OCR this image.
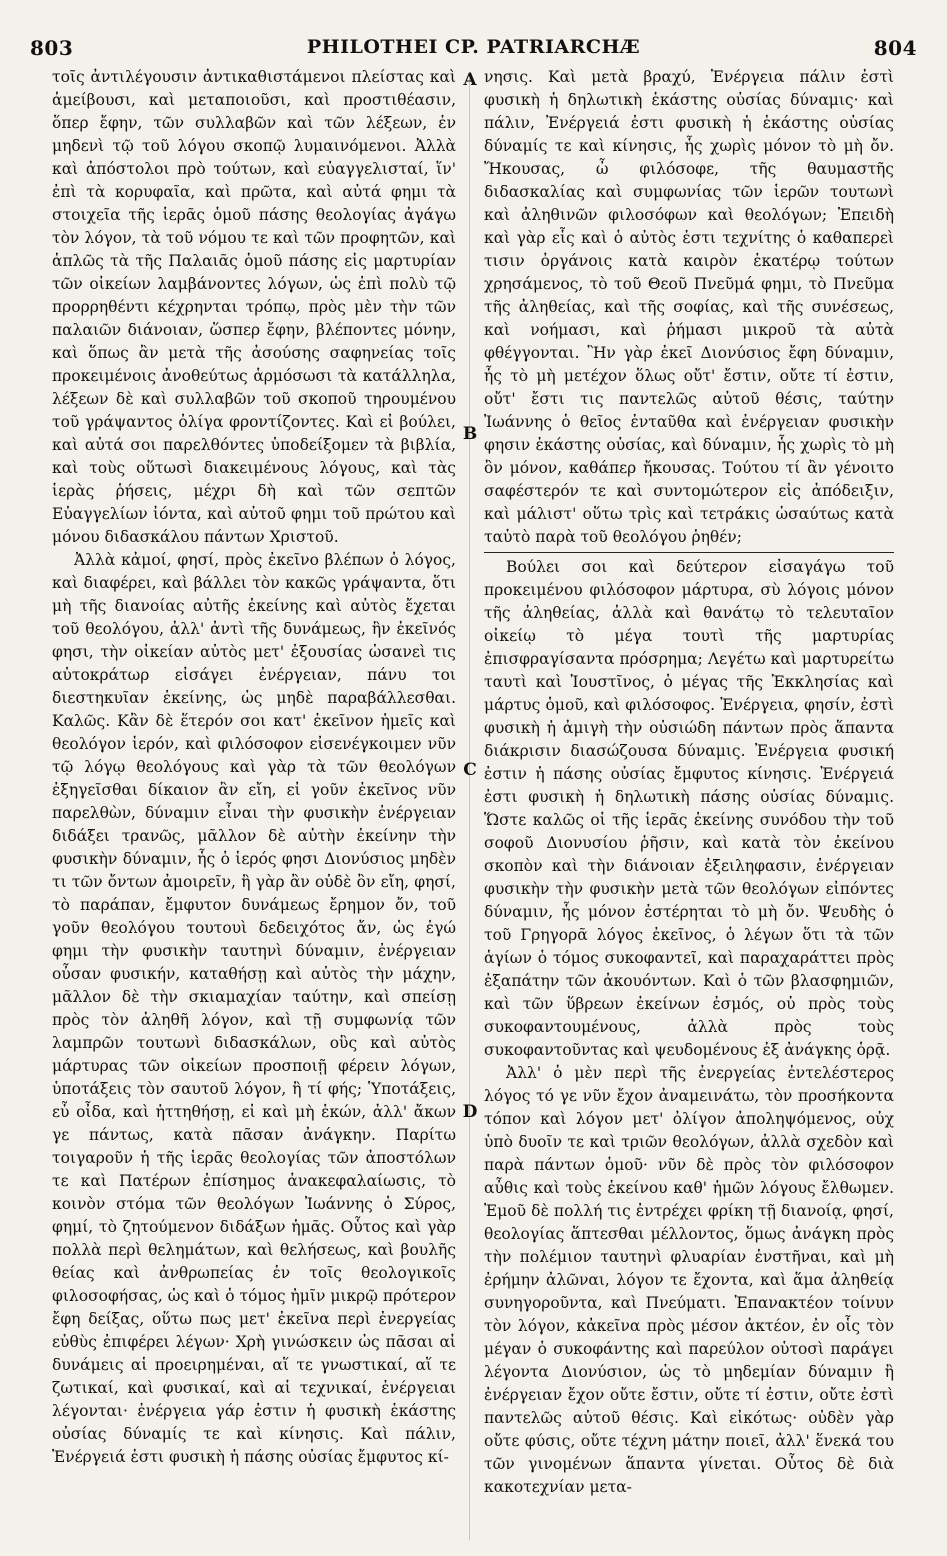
803	PHILOTHEI CP. PATRIARCHÆ	804

τοῖς ἀντιλέγουσιν ἀντικαθιστάμενοι πλείστας καὶ ἀμείβουσι, καὶ μεταποιοῦσι, καὶ προστιθέασιν, ὅπερ ἔφην, τῶν συλλαβῶν καὶ τῶν λέξεων, ἐν μηδενὶ τῷ τοῦ λόγου σκοπῷ λυμαινόμενοι. Ἀλλὰ καὶ ἀπόστολοι πρὸ τούτων, καὶ εὐαγγελισταί, ἵν' ἐπὶ τὰ κορυφαῖα, καὶ πρῶτα, καὶ αὐτά φημι τὰ στοιχεῖα τῆς ἱερᾶς ὁμοῦ πάσης θεολογίας ἀγάγω τὸν λόγον, τὰ τοῦ νόμου τε καὶ τῶν προφητῶν, καὶ ἁπλῶς τὰ τῆς Παλαιᾶς ὁμοῦ πάσης εἰς μαρτυρίαν τῶν οἰκείων λαμβάνοντες λόγων, ὡς ἐπὶ πολὺ τῷ προρρηθέντι κέχρηνται τρόπῳ, πρὸς μὲν τὴν τῶν παλαιῶν διάνοιαν, ὥσπερ ἔφην, βλέποντες μόνην, καὶ ὅπως ἂν μετὰ τῆς ἀσούσης σαφηνείας τοῖς προκειμένοις ἀνοθεύτως ἁρμόσωσι τὰ κατάλληλα, λέξεων δὲ καὶ συλλαβῶν τοῦ σκοποῦ τηρουμένου τοῦ γράψαντος ὀλίγα φροντίζοντες. Καὶ εἰ βούλει, καὶ αὐτά σοι παρελθόντες ὑποδείξομεν τὰ βιβλία, καὶ τοὺς οὕτωσὶ διακειμένους λόγους, καὶ τὰς ἱερὰς ῥήσεις, μέχρι δὴ καὶ τῶν σεπτῶν Εὐαγγελίων ἰόντα, καὶ αὐτοῦ φημι τοῦ πρώτου καὶ μόνου διδασκάλου πάντων Χριστοῦ.

Ἀλλὰ κἀμοί, φησί, πρὸς ἐκεῖνο βλέπων ὁ λόγος, καὶ διαφέρει, καὶ βάλλει τὸν κακῶς γράψαντα, ὅτι μὴ τῆς διανοίας αὐτῆς ἐκείνης καὶ αὐτὸς ἔχεται τοῦ θεολόγου, ἀλλ' ἀντὶ τῆς δυνάμεως, ἣν ἐκεῖνός φησι, τὴν οἰκείαν αὐτὸς μετ' ἐξουσίας ὡσανεὶ τις αὐτοκράτωρ εἰσάγει ἐνέργειαν, πάνυ τοι διεστηκυῖαν ἐκείνης, ὡς μηδὲ παραβάλλεσθαι. Καλῶς. Κἂν δὲ ἕτερόν σοι κατ' ἐκεῖνον ἡμεῖς καὶ θεολόγον ἱερόν, καὶ φιλόσοφον εἰσενέγκοιμεν νῦν τῷ λόγῳ θεολόγους καὶ γὰρ τὰ τῶν θεολόγων ἐξηγεῖσθαι δίκαιον ἂν εἴη, εἰ γοῦν ἐκεῖνος νῦν παρελθὼν, δύναμιν εἶναι τὴν φυσικὴν ἐνέργειαν διδάξει τρανῶς, μᾶλλον δὲ αὐτὴν ἐκείνην τὴν φυσικὴν δύναμιν, ἧς ὁ ἱερός φησι Διονύσιος μηδὲν τι τῶν ὄντων ἀμοιρεῖν, ἢ γὰρ ἂν οὐδὲ ὂν εἴη, φησί, τὸ παράπαν, ἔμφυτον δυνάμεως ἔρημον ὄν, τοῦ γοῦν θεολόγου τουτουὶ δεδειχότος ἄν, ὡς ἐγώ φημι τὴν φυσικὴν ταυτηνὶ δύναμιν, ἐνέργειαν οὖσαν φυσικήν, καταθήσῃ καὶ αὐτὸς τὴν μάχην, μᾶλλον δὲ τὴν σκιαμαχίαν ταύτην, καὶ σπείσῃ πρὸς τὸν ἀληθῆ λόγον, καὶ τῇ συμφωνίᾳ τῶν λαμπρῶν τουτωνὶ διδασκάλων, οὓς καὶ αὐτὸς μάρτυρας τῶν οἰκείων προσποιῇ φέρειν λόγων, ὑποτάξεις τὸν σαυτοῦ λόγον, ἢ τί φής; Ὑποτάξεις, εὖ οἶδα, καὶ ἡττηθήσῃ, εἰ καὶ μὴ ἑκών, ἀλλ' ἄκων γε πάντως, κατὰ πᾶσαν ἀνάγκην. Παρίτω τοιγαροῦν ἡ τῆς ἱερᾶς θεολογίας τῶν ἀποστόλων τε καὶ Πατέρων ἐπίσημος ἀνακεφαλαίωσις, τὸ κοινὸν στόμα τῶν θεολόγων Ἰωάννης ὁ Σύρος, φημί, τὸ ζητούμενον διδάξων ἡμᾶς. Οὗτος καὶ γὰρ πολλὰ περὶ θελημάτων, καὶ θελήσεως, καὶ βουλῆς θείας καὶ ἀνθρωπείας ἐν τοῖς θεολογικοῖς φιλοσοφήσας, ὡς καὶ ὁ τόμος ἡμῖν μικρῷ πρότερον ἔφη δείξας, οὕτω πως μετ' ἐκεῖνα περὶ ἐνεργείας εὐθὺς ἐπιφέρει λέγων· Χρὴ γινώσκειν ὡς πᾶσαι αἱ δυνάμεις αἱ προειρημέναι, αἵ τε γνωστικαί, αἵ τε ζωτικαί, καὶ φυσικαί, καὶ αἱ τεχνικαί, ἐνέργειαι λέγονται· ἐνέργεια γάρ ἐστιν ἡ φυσικὴ ἑκάστης οὐσίας δύναμίς τε καὶ κίνησις. Καὶ πάλιν, Ἐνέργειά ἐστι φυσικὴ ἡ πάσης οὐσίας ἔμφυτος κί-

νησις. Καὶ μετὰ βραχύ, Ἐνέργεια πάλιν ἐστὶ φυσικὴ ἡ δηλωτικὴ ἑκάστης οὐσίας δύναμις· καὶ πάλιν, Ἐνέργειά ἐστι φυσικὴ ἡ ἑκάστης οὐσίας δύναμίς τε καὶ κίνησις, ἧς χωρὶς μόνον τὸ μὴ ὄν. Ἤκουσας, ὦ φιλόσοφε, τῆς θαυμαστῆς διδασκαλίας καὶ συμφωνίας τῶν ἱερῶν τουτωνὶ καὶ ἀληθινῶν φιλοσόφων καὶ θεολόγων; Ἐπειδὴ καὶ γὰρ εἷς καὶ ὁ αὐτὸς ἐστι τεχνίτης ὁ καθαπερεὶ τισιν ὀργάνοις κατὰ καιρὸν ἑκατέρῳ τούτων χρησάμενος, τὸ τοῦ Θεοῦ Πνεῦμά φημι, τὸ Πνεῦμα τῆς ἀληθείας, καὶ τῆς σοφίας, καὶ τῆς συνέσεως, καὶ νοήμασι, καὶ ῥήμασι μικροῦ τὰ αὐτὰ φθέγγονται. Ἣν γὰρ ἐκεῖ Διονύσιος ἔφη δύναμιν, ἧς τὸ μὴ μετέχον ὅλως οὔτ' ἔστιν, οὔτε τί ἐστιν, οὔτ' ἔστι τις παντελῶς αὐτοῦ θέσις, ταύτην Ἰωάννης ὁ θεῖος ἐνταῦθα καὶ ἐνέργειαν φυσικὴν φησιν ἑκάστης οὐσίας, καὶ δύναμιν, ἧς χωρὶς τὸ μὴ ὂν μόνον, καθάπερ ἤκουσας. Τούτου τί ἂν γένοιτο σαφέστερόν τε καὶ συντομώτερον εἰς ἀπόδειξιν, καὶ μάλιστ' οὕτω τρὶς καὶ τετράκις ὡσαύτως κατὰ ταὐτὸ παρὰ τοῦ θεολόγου ῥηθέν;

Βούλει σοι καὶ δεύτερον εἰσαγάγω τοῦ προκειμένου φιλόσοφον μάρτυρα, σὺ λόγοις μόνον τῆς ἀληθείας, ἀλλὰ καὶ θανάτῳ τὸ τελευταῖον οἰκείῳ τὸ μέγα τουτὶ τῆς μαρτυρίας ἐπισφραγίσαντα πρόσρημα; Λεγέτω καὶ μαρτυρείτω ταυτὶ καὶ Ἰουστῖνος, ὁ μέγας τῆς Ἐκκλησίας καὶ μάρτυς ὁμοῦ, καὶ φιλόσοφος. Ἐνέργεια, φησίν, ἐστὶ φυσικὴ ἡ ἀμιγὴ τὴν οὐσιώδη πάντων πρὸς ἅπαντα διάκρισιν διασώζουσα δύναμις. Ἐνέργεια φυσική ἐστιν ἡ πάσης οὐσίας ἔμφυτος κίνησις. Ἐνέργειά ἐστι φυσικὴ ἡ δηλωτικὴ πάσης οὐσίας δύναμις. Ὥστε καλῶς οἱ τῆς ἱερᾶς ἐκείνης συνόδου τὴν τοῦ σοφοῦ Διονυσίου ῥῆσιν, καὶ κατὰ τὸν ἐκείνου σκοπὸν καὶ τὴν διάνοιαν ἐξειληφασιν, ἐνέργειαν φυσικὴν τὴν φυσικὴν μετὰ τῶν θεολόγων εἰπόντες δύναμιν, ἧς μόνον ἐστέρηται τὸ μὴ ὄν. Ψευδὴς ὁ τοῦ Γρηγορᾶ λόγος ἐκεῖνος, ὁ λέγων ὅτι τὰ τῶν ἁγίων ὁ τόμος συκοφαντεῖ, καὶ παραχαράττει πρὸς ἐξαπάτην τῶν ἀκουόντων. Καὶ ὁ τῶν βλασφημιῶν, καὶ τῶν ὕβρεων ἐκείνων ἐσμός, οὐ πρὸς τοὺς συκοφαντουμένους, ἀλλὰ πρὸς τοὺς συκοφαντοῦντας καὶ ψευδομένους ἐξ ἀνάγκης ὁρᾷ.

Ἀλλ' ὁ μὲν περὶ τῆς ἐνεργείας ἐντελέστερος λόγος τό γε νῦν ἔχον ἀναμεινάτω, τὸν προσήκοντα τόπον καὶ λόγον μετ' ὀλίγον ἀποληψόμενος, οὐχ ὑπὸ δυοῖν τε καὶ τριῶν θεολόγων, ἀλλὰ σχεδὸν καὶ παρὰ πάντων ὁμοῦ· νῦν δὲ πρὸς τὸν φιλόσοφον αὖθις καὶ τοὺς ἐκείνου καθ' ἡμῶν λόγους ἔλθωμεν. Ἐμοῦ δὲ πολλή τις ἐντρέχει φρίκη τῇ διανοίᾳ, φησί, θεολογίας ἅπτεσθαι μέλλοντος, ὅμως ἀνάγκη πρὸς τὴν πολέμιον ταυτηνὶ φλυαρίαν ἐνστῆναι, καὶ μὴ ἐρήμην ἀλῶναι, λόγον τε ἔχοντα, καὶ ἅμα ἀληθείᾳ συνηγοροῦντα, καὶ Πνεύματι. Ἐπανακτέον τοίνυν τὸν λόγον, κἀκεῖνα πρὸς μέσον ἀκτέον, ἐν οἷς τὸν μέγαν ὁ συκοφάντης καὶ παρεύλον οὑτοσὶ παράγει λέγοντα Διονύσιον, ὡς τὸ μηδεμίαν δύναμιν ἢ ἐνέργειαν ἔχον οὔτε ἔστιν, οὔτε τί ἐστιν, οὔτε ἐστὶ παντελῶς αὐτοῦ θέσις. Καὶ εἰκότως· οὐδὲν γὰρ οὔτε φύσις, οὔτε τέχνη μάτην ποιεῖ, ἀλλ' ἕνεκά του τῶν γινομένων ἅπαντα γίνεται. Οὗτος δὲ διὰ κακοτεχνίαν μετα-

A
B
C
D
